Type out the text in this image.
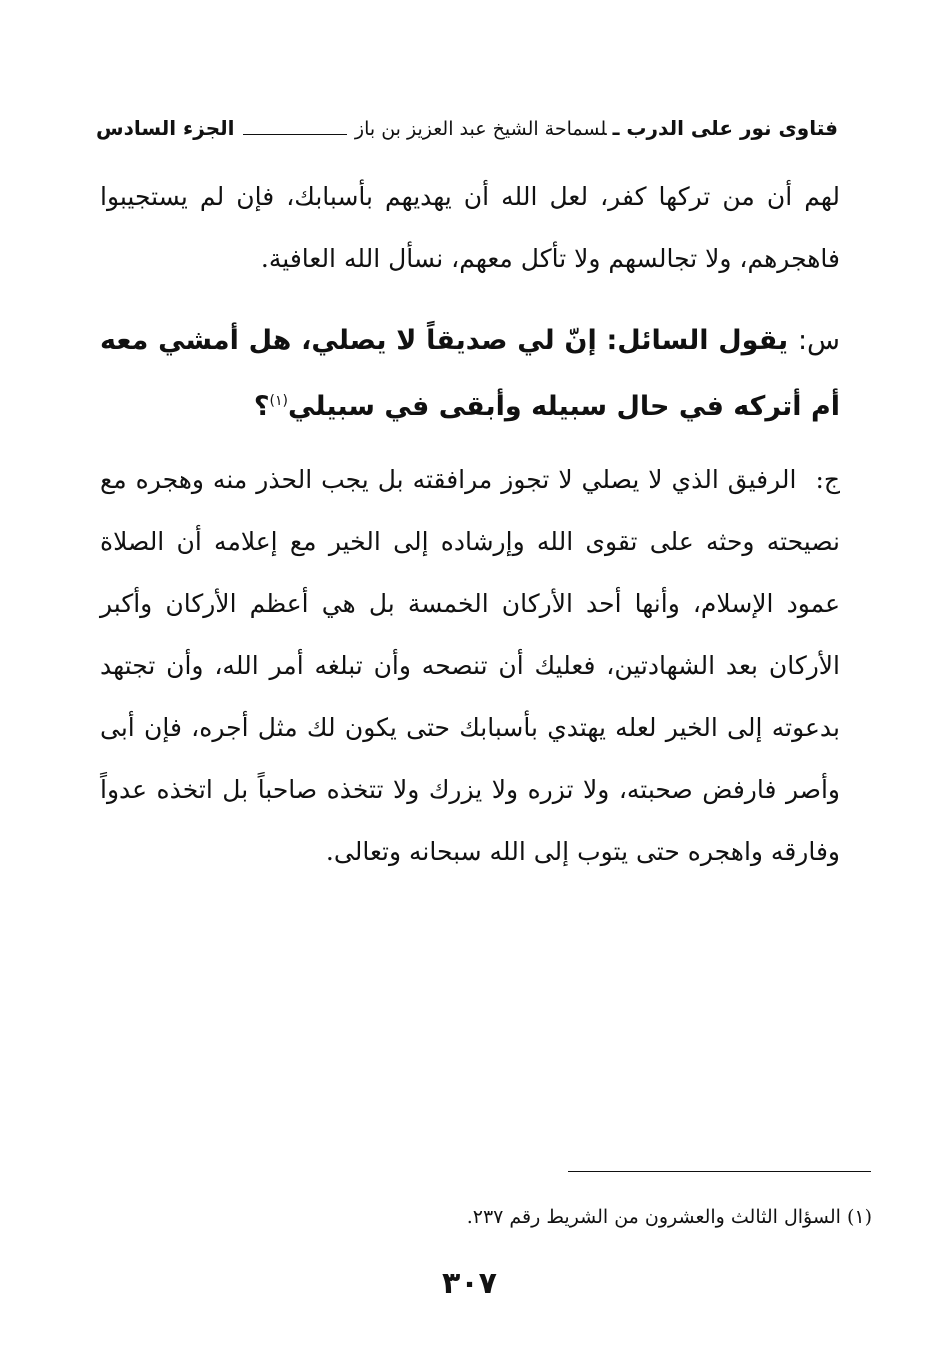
فتاوى نور على الدرب ـلسماحة الشيخ عبد العزيز بن باز
الجزء السادس
لهم أن من تركها كفر، لعل الله أن يهديهم بأسبابك، فإن لم يستجيبوا فاهجرهم، ولا تجالسهم ولا تأكل معهم، نسأل الله العافية.
س: يقول السائل: إنّ لي صديقاً لا يصلي، هل أمشي معه أم أتركه في حال سبيله وأبقى في سبيلي$^{(١)}$؟
ج: الرفيق الذي لا يصلي لا تجوز مرافقته بل يجب الحذر منه وهجره مع نصيحته وحثه على تقوى الله وإرشاده إلى الخير مع إعلامه أن الصلاة عمود الإسلام، وأنها أحد الأركان الخمسة بل هي أعظم الأركان وأكبر الأركان بعد الشهادتين، فعليك أن تنصحه وأن تبلغه أمر الله، وأن تجتهد بدعوته إلى الخير لعله يهتدي بأسبابك حتى يكون لك مثل أجره، فإن أبى وأصر فارفض صحبته، ولا تزره ولا يزرك ولا تتخذه صاحباً بل اتخذه عدواً وفارقه واهجره حتى يتوب إلى الله سبحانه وتعالى.
(١) السؤال الثالث والعشرون من الشريط رقم ٢٣٧.
٣٠٧
